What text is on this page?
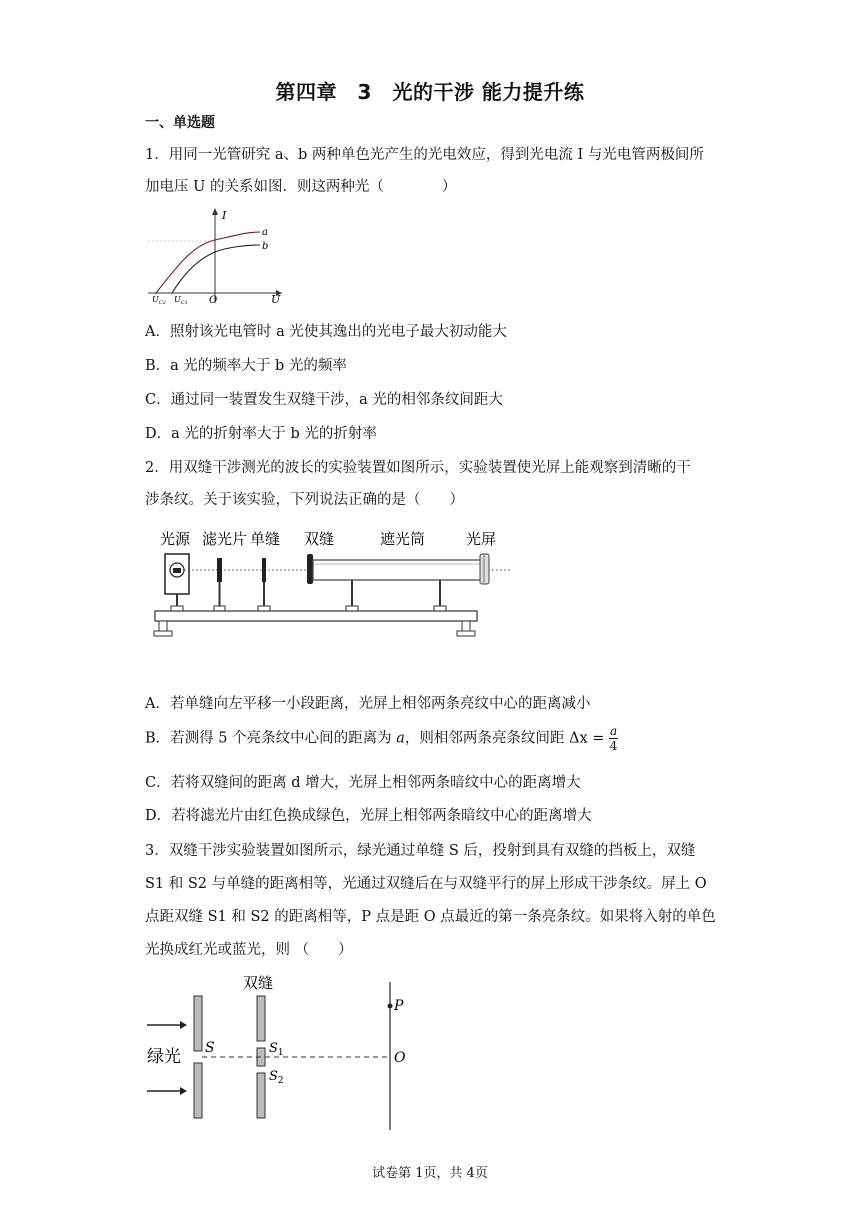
第四章　3　光的干涉 能力提升练
一、单选题
1．用同一光管研究 a、b 两种单色光产生的光电效应，得到光电流 I 与光电管两极间所
加电压 U 的关系如图．则这两种光（　　　　）
I
U
O
a
b
$U_{C2}$ $U_{C1}$
A．照射该光电管时 a 光使其逸出的光电子最大初动能大
B．a 光的频率大于 b 光的频率
C．通过同一装置发生双缝干涉，a 光的相邻条纹间距大
D．a 光的折射率大于 b 光的折射率
2．用双缝干涉测光的波长的实验装置如图所示，实验装置使光屏上能观察到清晰的干
涉条纹。关于该实验，下列说法正确的是（　　）
光源 滤光片 单缝 双缝	遮光筒	光屏
A．若单缝向左平移一小段距离，光屏上相邻两条亮纹中心的距离减小
B．若测得 5 个亮条纹中心间的距离为 a，则相邻两条亮条纹间距 $\Delta x = \frac{a}{4}$
C．若将双缝间的距离 d 增大，光屏上相邻两条暗纹中心的距离增大
D．若将滤光片由红色换成绿色，光屏上相邻两条暗纹中心的距离增大
3．双缝干涉实验装置如图所示，绿光通过单缝 S 后，投射到具有双缝的挡板上，双缝
S1 和 S2 与单缝的距离相等，光通过双缝后在与双缝平行的屏上形成干涉条纹。屏上 O
点距双缝 S1 和 S2 的距离相等，P 点是距 O 点最近的第一条亮条纹。如果将入射的单色
光换成红光或蓝光，则 （　　）
双缝
绿光 S	$S_1$
$S_2$
P
O
试卷第 1页，共 4页
